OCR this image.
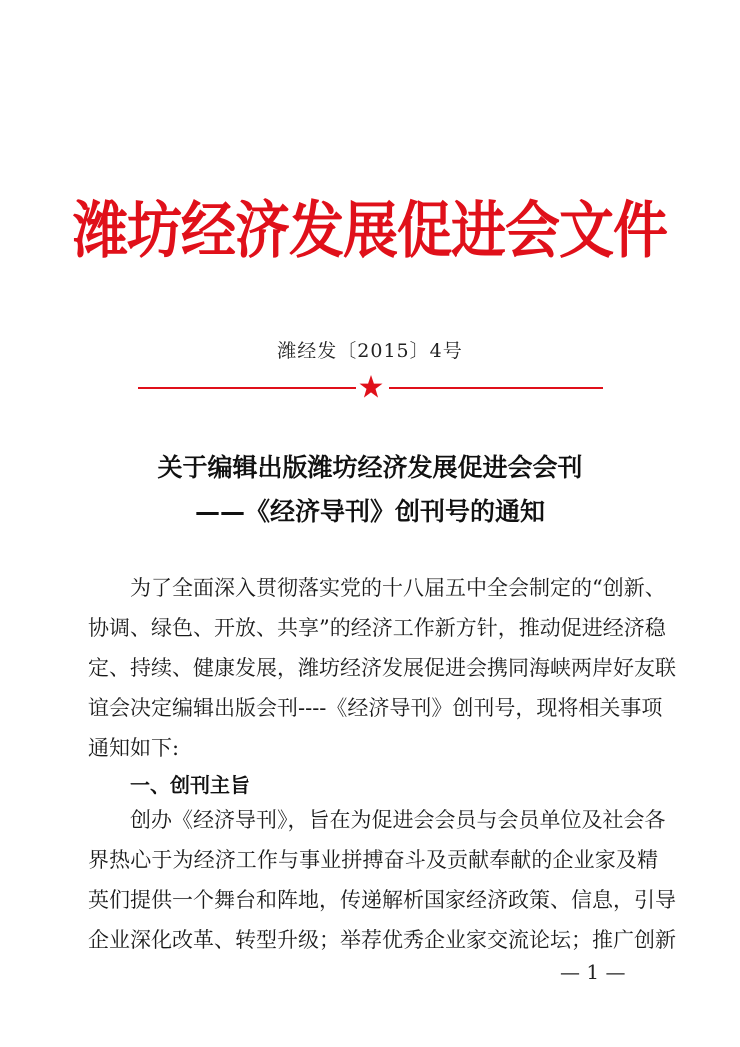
潍坊经济发展促进会文件
潍经发〔2015〕4号
关于编辑出版潍坊经济发展促进会会刊
——《经济导刊》创刊号的通知
为了全面深入贯彻落实党的十八届五中全会制定的“创新、
协调、绿色、开放、共享”的经济工作新方针，推动促进经济稳
定、持续、健康发展，潍坊经济发展促进会携同海峡两岸好友联
谊会决定编辑出版会刊----《经济导刊》创刊号，现将相关事项
通知如下:
一、创刊主旨
创办《经济导刊》，旨在为促进会会员与会员单位及社会各
界热心于为经济工作与事业拼搏奋斗及贡献奉献的企业家及精
英们提供一个舞台和阵地，传递解析国家经济政策、信息，引导
企业深化改革、转型升级；举荐优秀企业家交流论坛；推广创新
— 1 —
